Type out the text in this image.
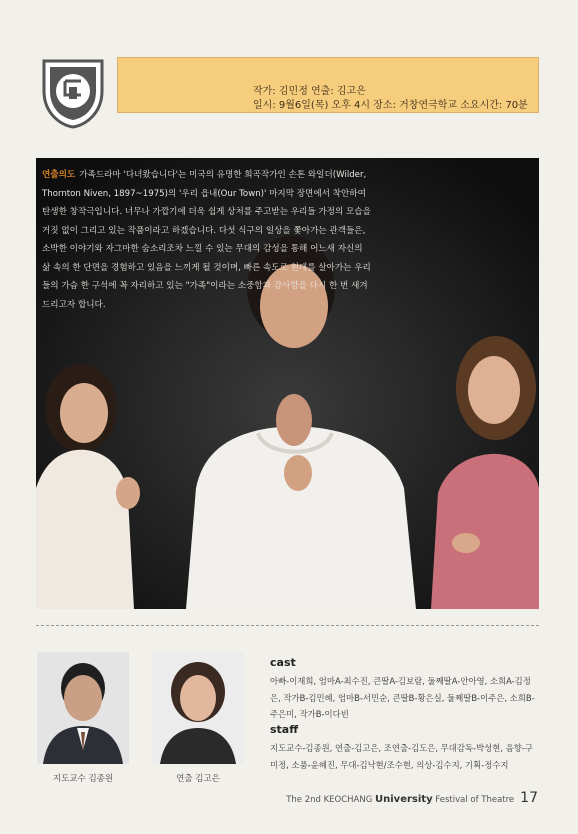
작가: 김민정 연출: 김고은
일시: 9월6일(목) 오후 4시 장소: 거창연극학교 소요시간: 70분
연출의도 가족드라마 '다녀왔습니다'는 미국의 유명한 희곡작가인 손톤 와일더(Wilder, Thornton Niven, 1897~1975)의 '우리 읍내(Our Town)' 마지막 장면에서 착안하여 탄생한 창작극입니다. 너무나 가깝기에 더욱 쉽게 상처를 주고받는 우리들 가정의 모습을 거짓 없이 그리고 있는 작품이라고 하겠습니다. 다섯 식구의 일상을 쫓아가는 관객들은, 소박한 이야기와 자그마한 숨소리조차 느낄 수 있는 무대의 감성을 통해 어느새 자신의 삶 속의 한 단면을 경험하고 있음을 느끼게 될 것이며, 빠른 속도로 현대를 살아가는 우리들의 가슴 한 구석에 꼭 자리하고 있는 "가족"이라는 소중함과 감사함을 다시 한 번 새겨 드리고자 합니다.
지도교수 김종원	연출 김고은
cast
아빠-이재희, 엄마A-최수진, 큰딸A-김보람, 둘째딸A-안아영, 소희A-김정은, 작가B-김민혜, 엄마B-서민순, 큰딸B-황은실, 둘째딸B-이주은, 소희B-주은미, 작가B-이다빈
staff
지도교수-김종원, 연출-김고은, 조연출-김도은, 무대감독-박성현, 음향-구미정, 소품-윤혜진, 무대-김낙현/조수현, 의상-김수지, 기획-정수지
The 2nd KEOCHANG University Festival of Theatre 17
